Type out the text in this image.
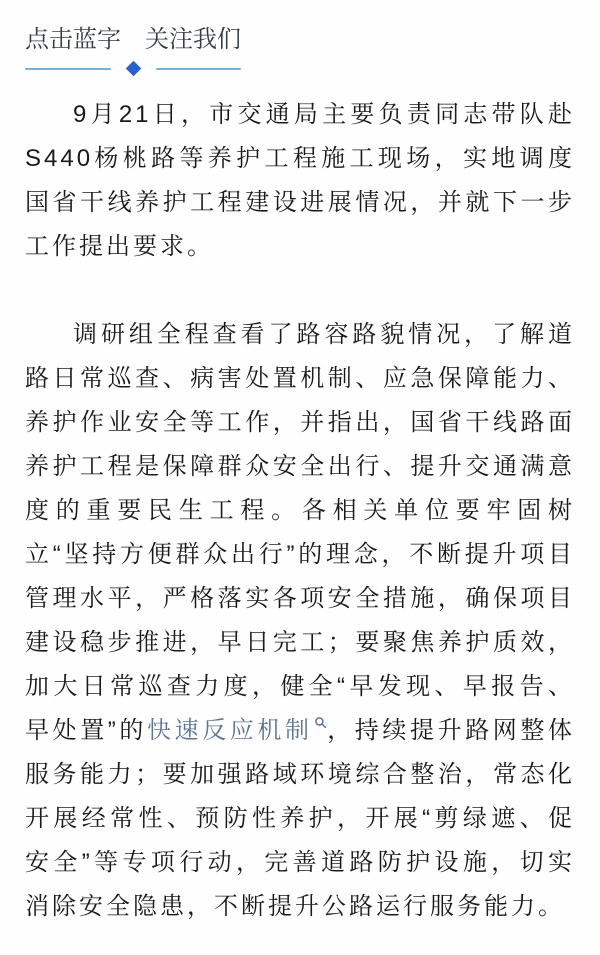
点击蓝字　关注我们

9月21日，市交通局主要负责同志带队赴S440杨桃路等养护工程施工现场，实地调度国省干线养护工程建设进展情况，并就下一步工作提出要求。

调研组全程查看了路容路貌情况，了解道路日常巡查、病害处置机制、应急保障能力、养护作业安全等工作，并指出，国省干线路面养护工程是保障群众安全出行、提升交通满意度的重要民生工程。各相关单位要牢固树立“坚持方便群众出行”的理念，不断提升项目管理水平，严格落实各项安全措施，确保项目建设稳步推进，早日完工；要聚焦养护质效，加大日常巡查力度，健全“早发现、早报告、早处置”的快速反应机制 ，持续提升路网整体服务能力；要加强路域环境综合整治，常态化开展经常性、预防性养护，开展“剪绿遮、促安全”等专项行动，完善道路防护设施，切实消除安全隐患，不断提升公路运行服务能力。
